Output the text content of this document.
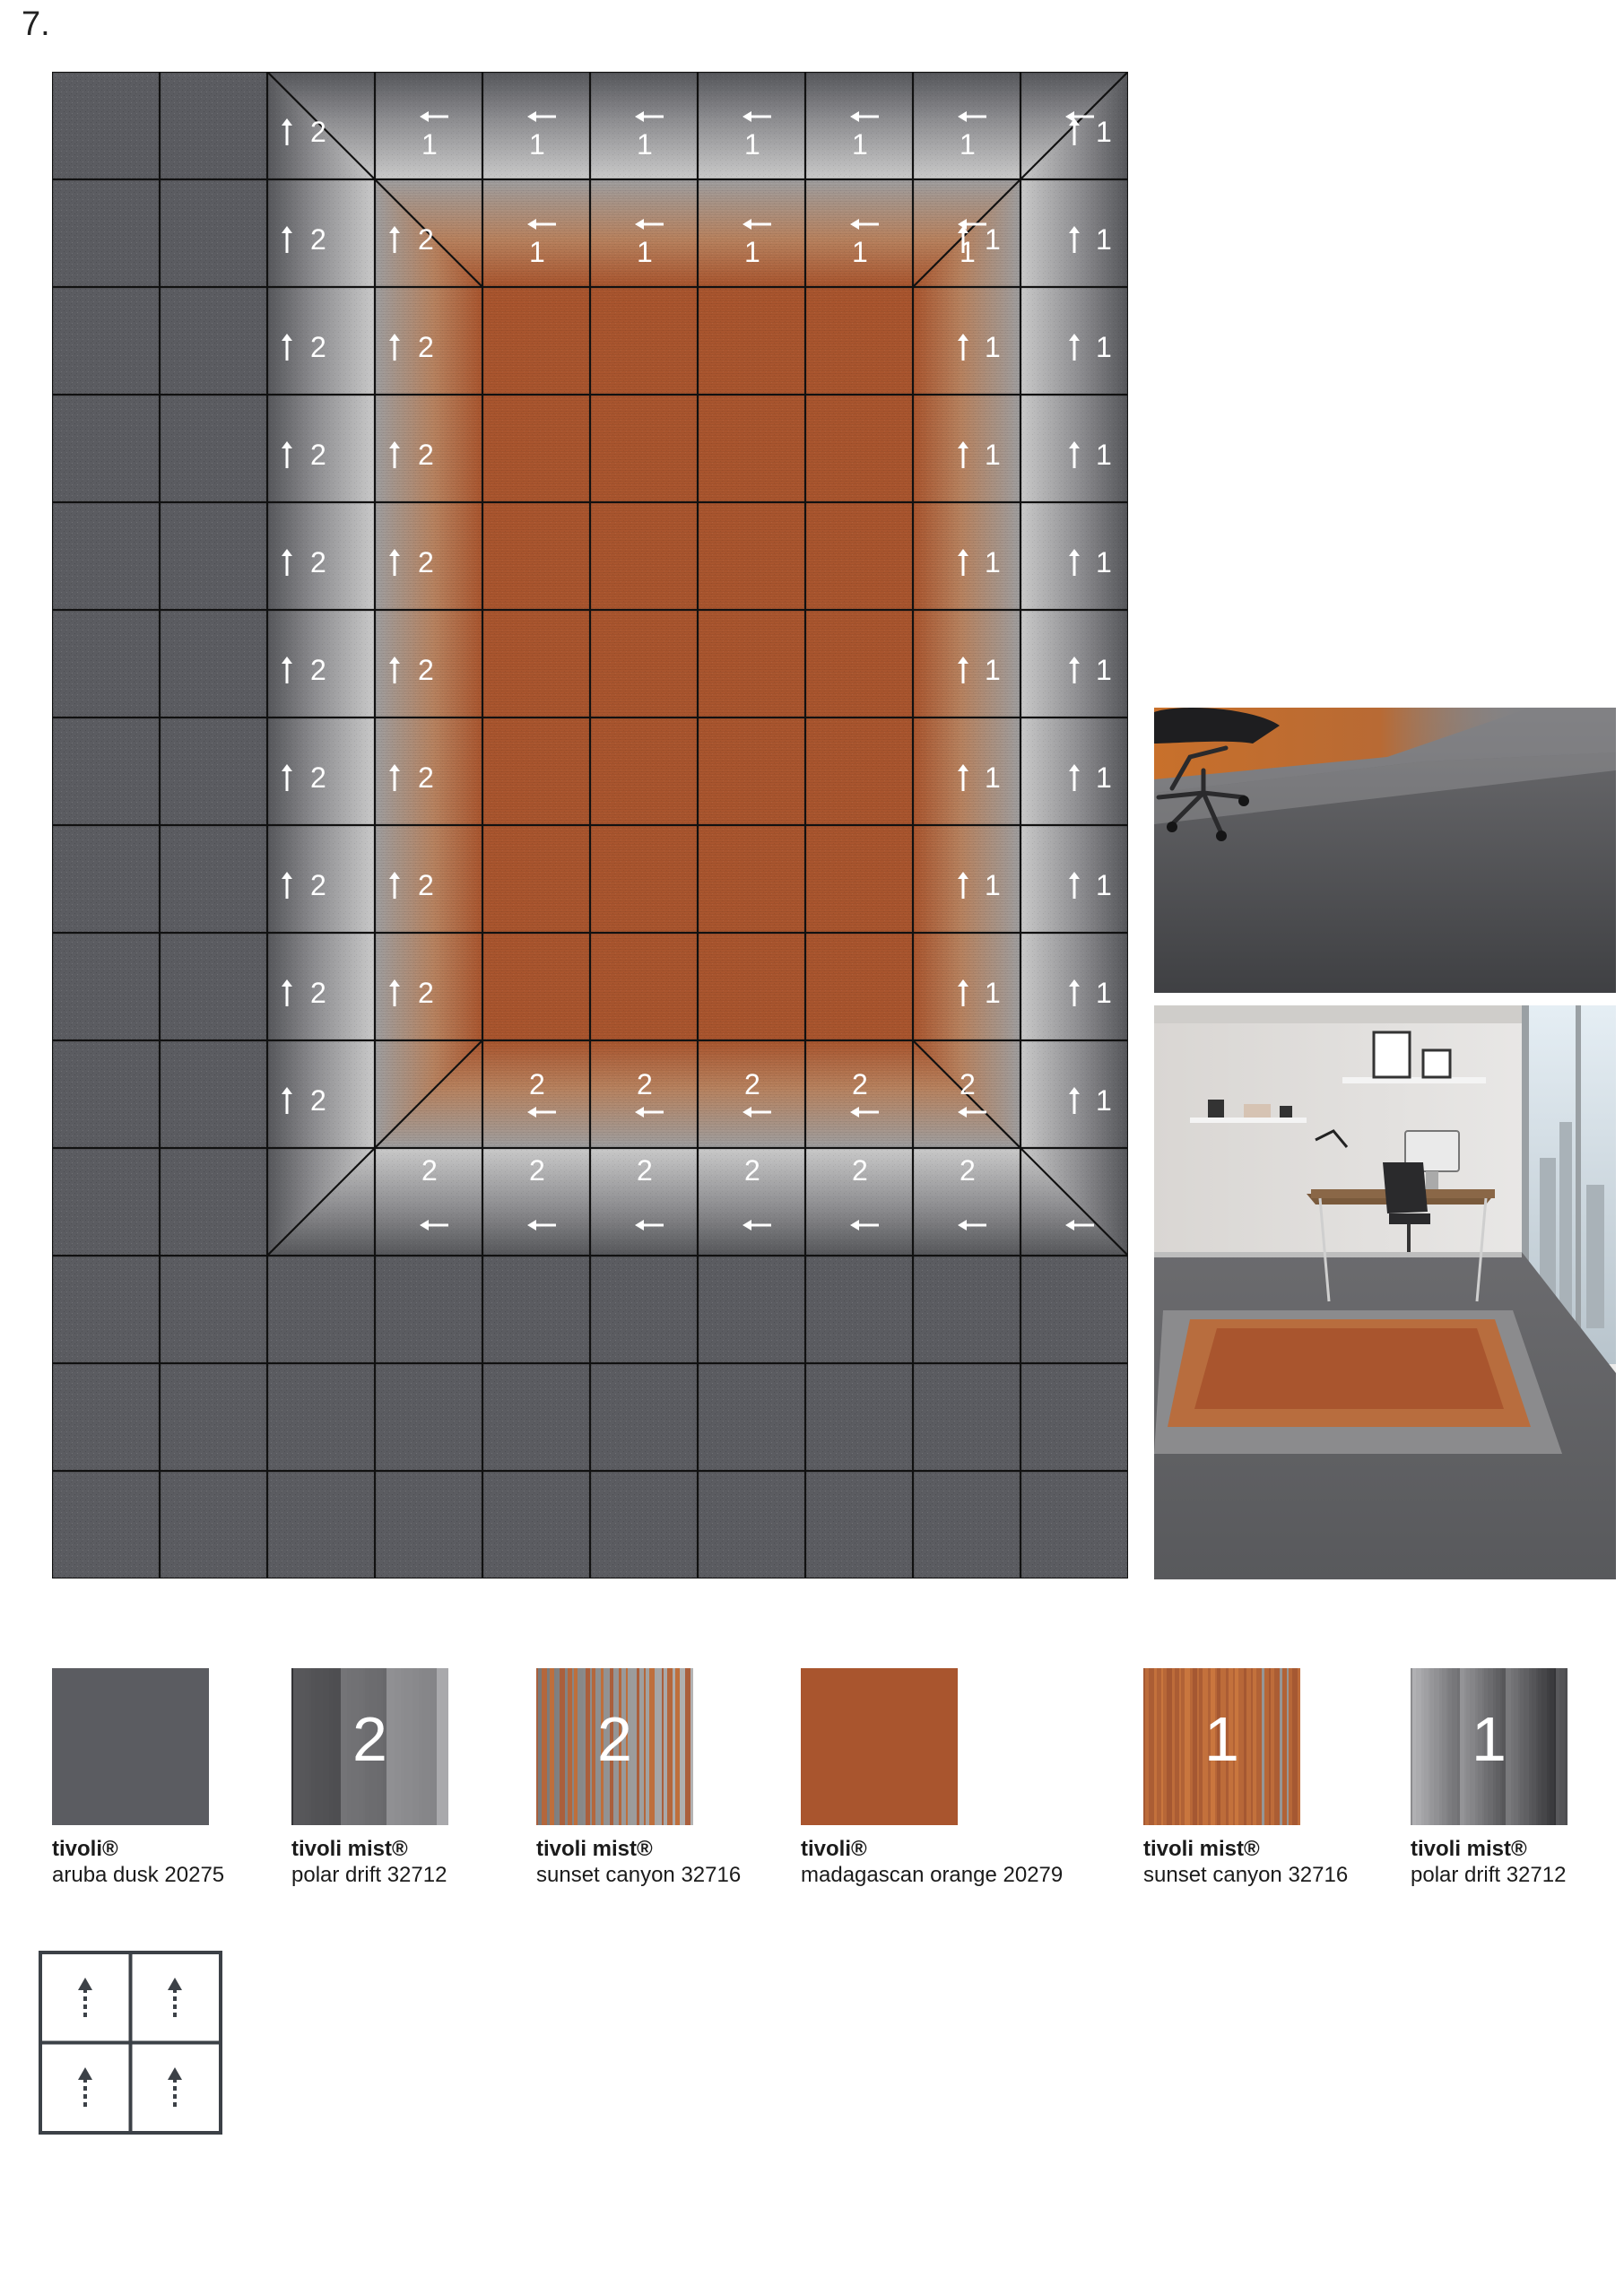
7.
2
2
2
2
2
2
2
2
2
2
1
1
1
1
1
1
1
1
1
1
2
2
2
2
2
2
2
2
1
1
1
1
1
1
1
1
1	1	1	1	1	1
1	1	1	1	1
2	2	2	2	2
2	2	2	2	2	2
tivoli®
aruba dusk 20275
2
tivoli mist®
polar drift 32712
2
tivoli mist®
sunset canyon 32716
tivoli®
madagascan orange 20279
1
tivoli mist®
sunset canyon 32716
1
tivoli mist®
polar drift 32712
